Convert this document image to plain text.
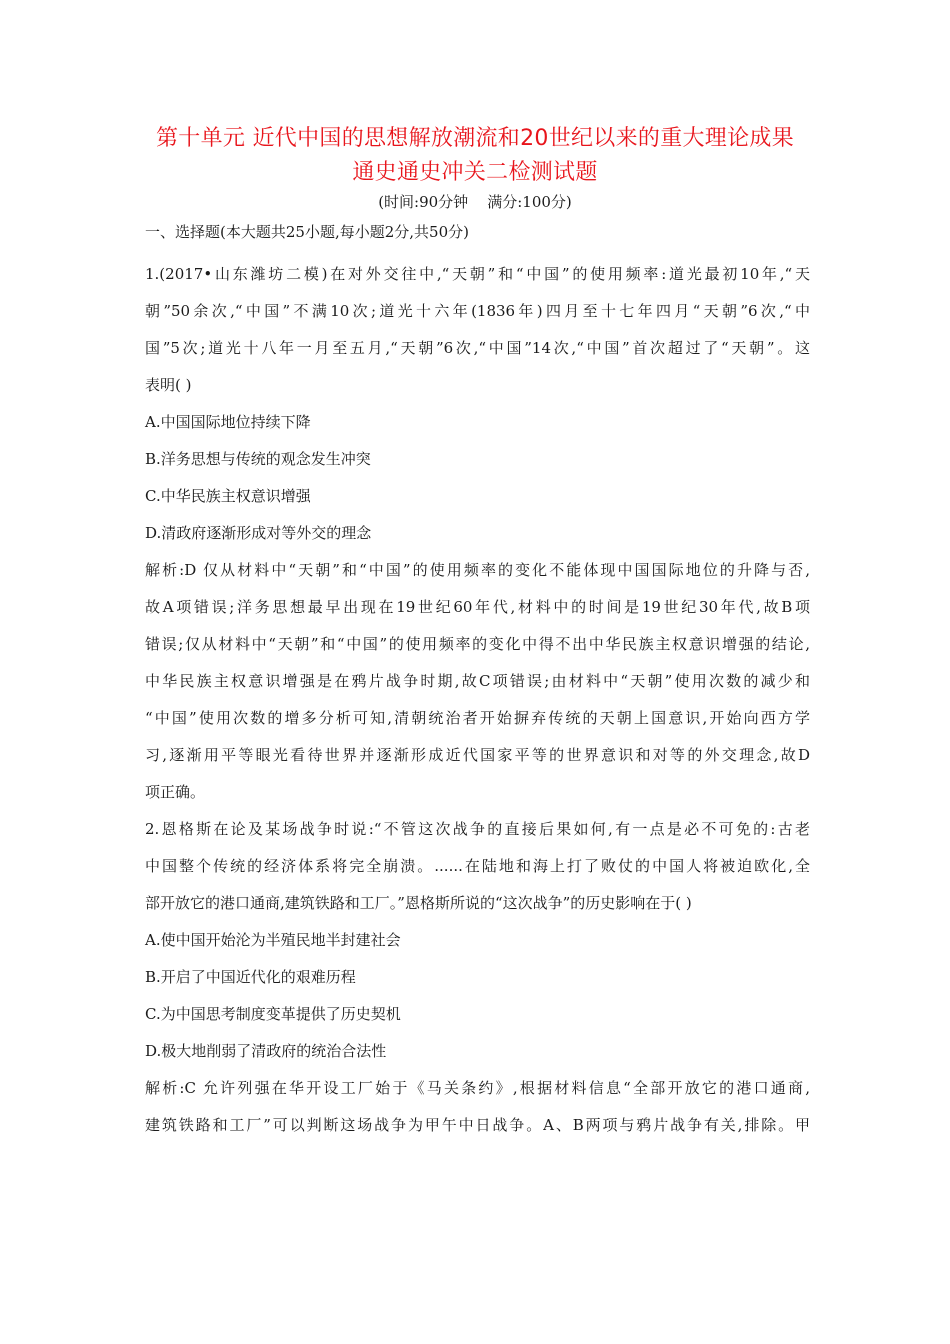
第十单元 近代中国的思想解放潮流和20世纪以来的重大理论成果
通史通史冲关二检测试题
(时间:90分钟    满分:100分)
一、选择题(本大题共25小题,每小题2分,共50分)
1.(2017•山东潍坊二模)在对外交往中,“天朝”和“中国”的使用频率:道光最初10年,“天
朝”50余次,“中国”不满10次;道光十六年(1836年)四月至十七年四月“天朝”6次,“中
国”5次;道光十八年一月至五月,“天朝”6次,“中国”14次,“中国”首次超过了“天朝”。这
表明( )
A.中国国际地位持续下降
B.洋务思想与传统的观念发生冲突
C.中华民族主权意识增强
D.清政府逐渐形成对等外交的理念
解析:D 仅从材料中“天朝”和“中国”的使用频率的变化不能体现中国国际地位的升降与否,
故A项错误;洋务思想最早出现在19世纪60年代,材料中的时间是19世纪30年代,故B项
错误;仅从材料中“天朝”和“中国”的使用频率的变化中得不出中华民族主权意识增强的结论,
中华民族主权意识增强是在鸦片战争时期,故C项错误;由材料中“天朝”使用次数的减少和
“中国”使用次数的增多分析可知,清朝统治者开始摒弃传统的天朝上国意识,开始向西方学
习,逐渐用平等眼光看待世界并逐渐形成近代国家平等的世界意识和对等的外交理念,故D
项正确。
2.恩格斯在论及某场战争时说:“不管这次战争的直接后果如何,有一点是必不可免的:古老
中国整个传统的经济体系将完全崩溃。......在陆地和海上打了败仗的中国人将被迫欧化,全
部开放它的港口通商,建筑铁路和工厂。”恩格斯所说的“这次战争”的历史影响在于( )
A.使中国开始沦为半殖民地半封建社会
B.开启了中国近代化的艰难历程
C.为中国思考制度变革提供了历史契机
D.极大地削弱了清政府的统治合法性
解析:C 允许列强在华开设工厂始于《马关条约》,根据材料信息“全部开放它的港口通商,
建筑铁路和工厂”可以判断这场战争为甲午中日战争。A、B两项与鸦片战争有关,排除。甲
